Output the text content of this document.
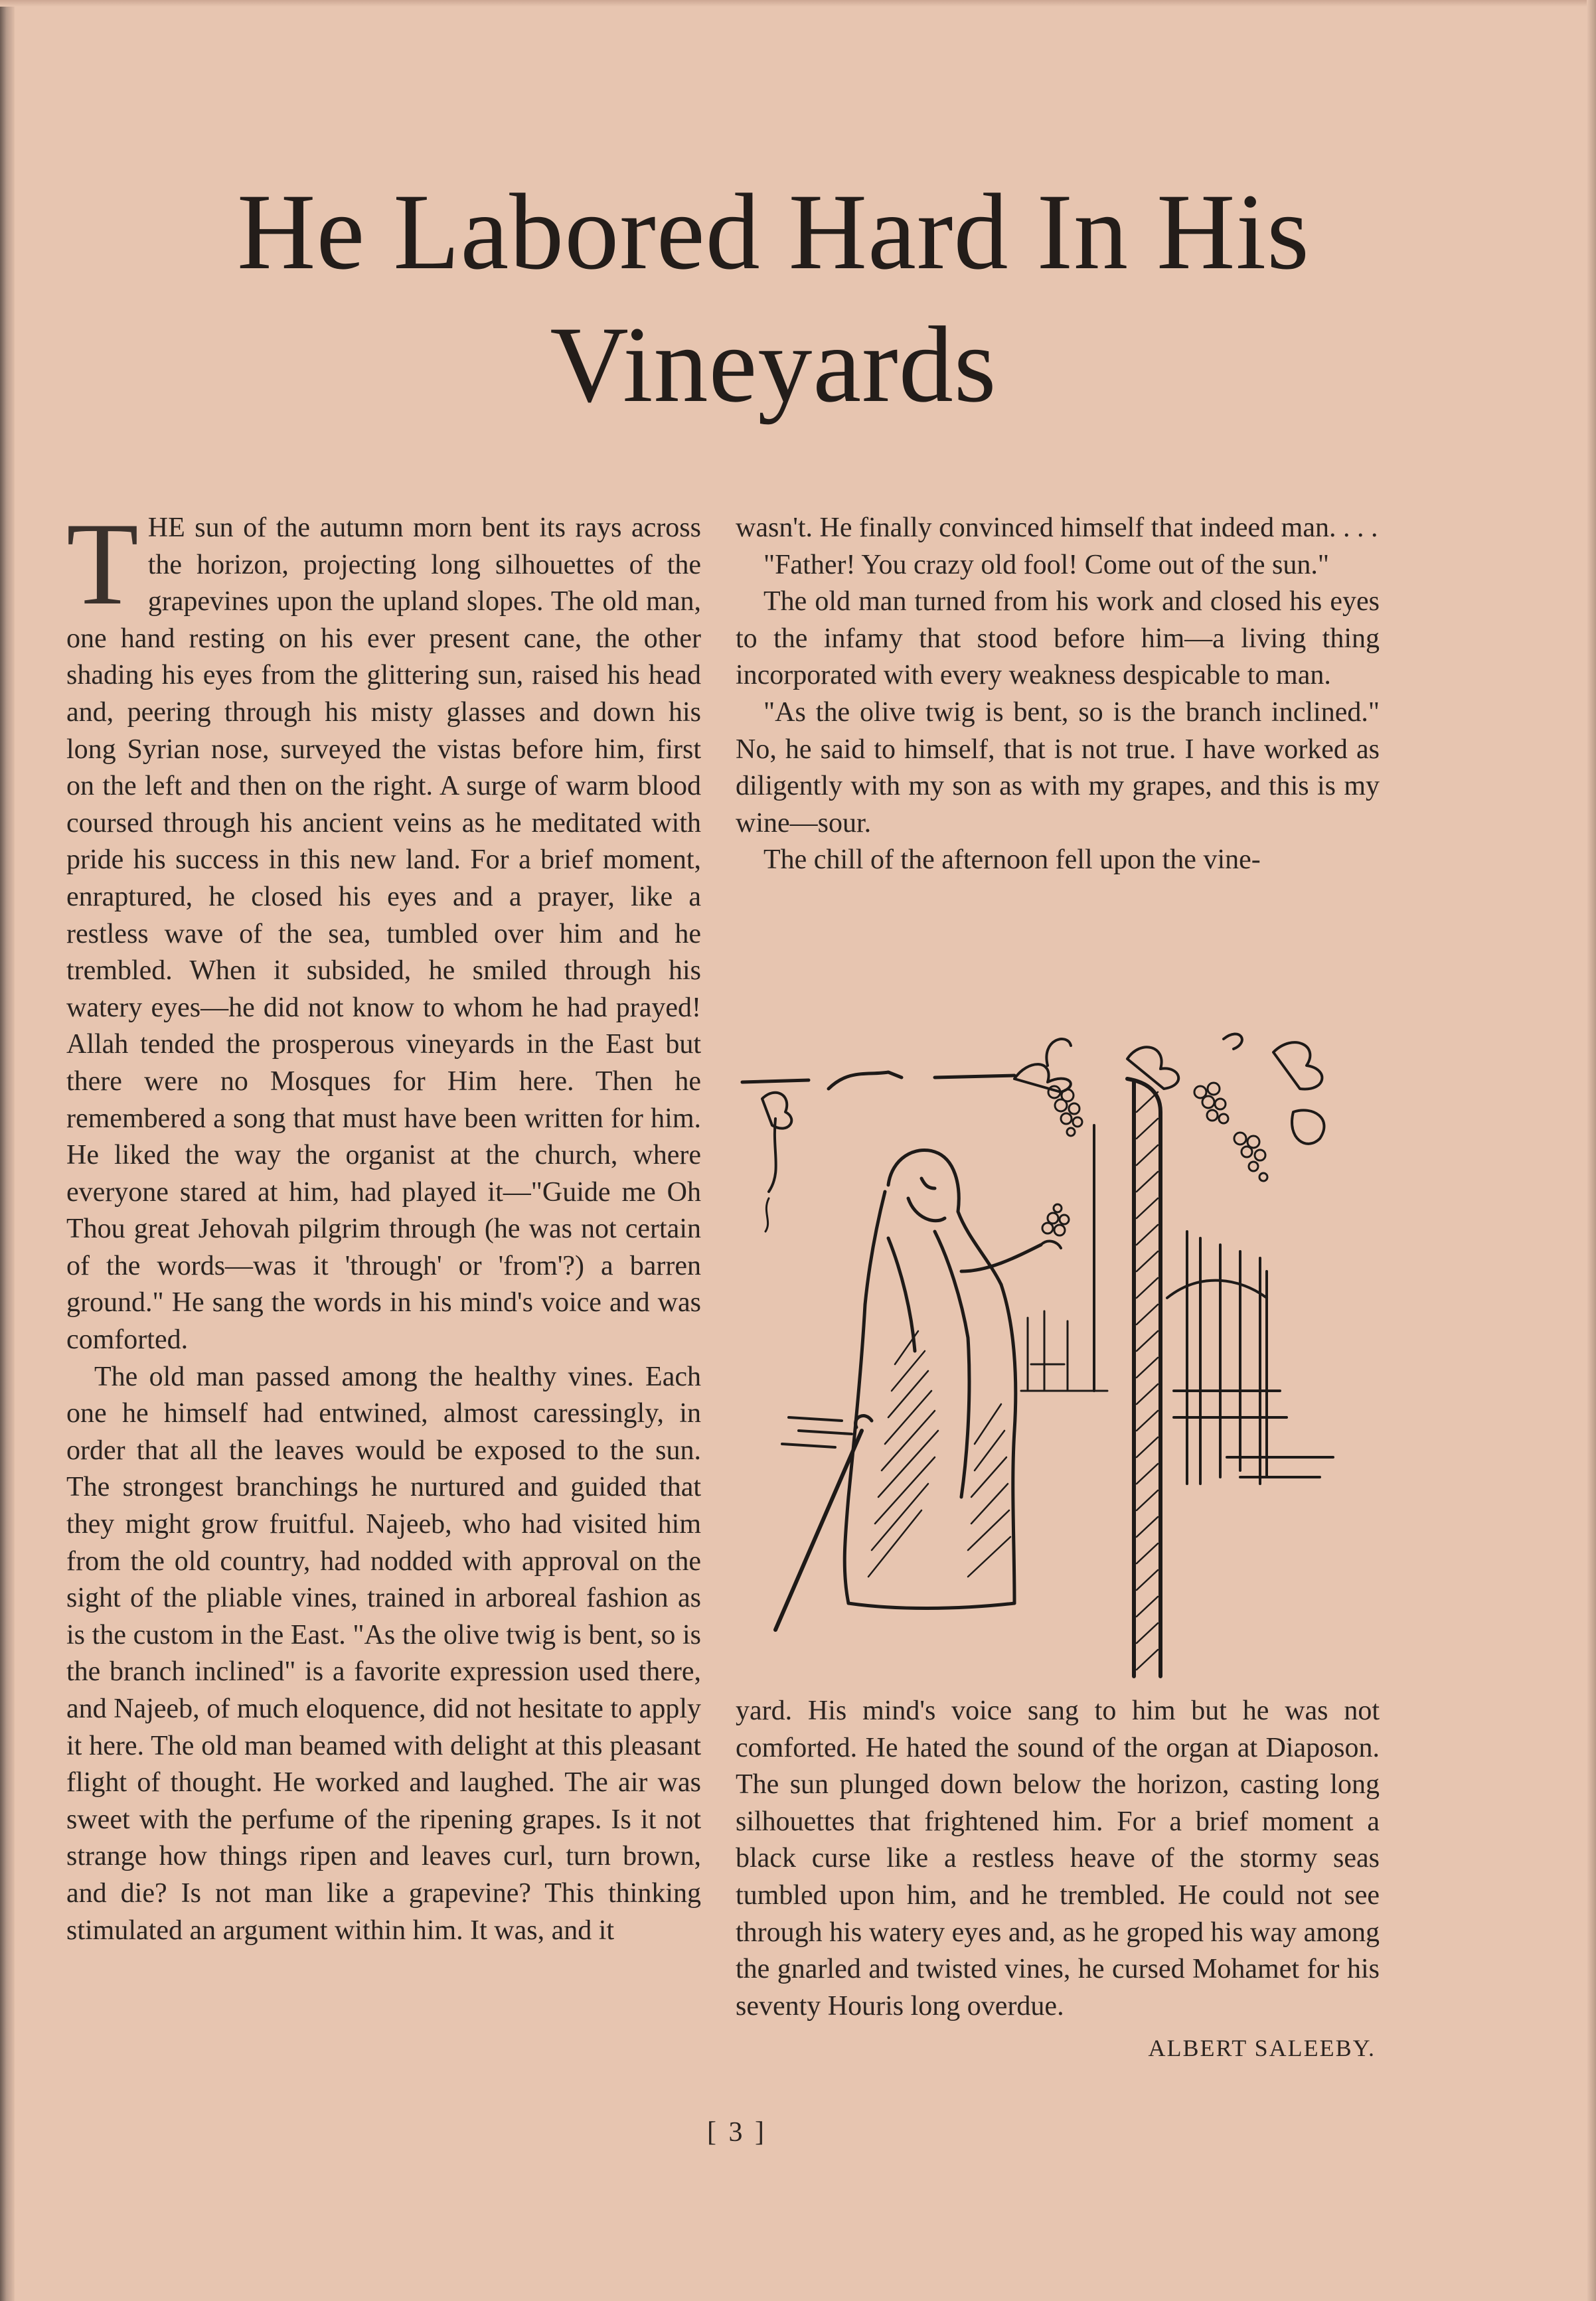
He Labored Hard In His Vineyards

THE sun of the autumn morn bent its rays across the horizon, projecting long silhouettes of the grapevines upon the upland slopes. The old man, one hand resting on his ever present cane, the other shading his eyes from the glittering sun, raised his head and, peering through his misty glasses and down his long Syrian nose, surveyed the vistas before him, first on the left and then on the right. A surge of warm blood coursed through his ancient veins as he meditated with pride his success in this new land. For a brief moment, enraptured, he closed his eyes and a prayer, like a restless wave of the sea, tumbled over him and he trembled. When it subsided, he smiled through his watery eyes—he did not know to whom he had prayed! Allah tended the prosperous vineyards in the East but there were no Mosques for Him here. Then he remembered a song that must have been written for him. He liked the way the organist at the church, where everyone stared at him, had played it—"Guide me Oh Thou great Jehovah pilgrim through (he was not certain of the words—was it 'through' or 'from'?) a barren ground." He sang the words in his mind's voice and was comforted.

The old man passed among the healthy vines. Each one he himself had entwined, almost caressingly, in order that all the leaves would be exposed to the sun. The strongest branchings he nurtured and guided that they might grow fruitful. Najeeb, who had visited him from the old country, had nodded with approval on the sight of the pliable vines, trained in arboreal fashion as is the custom in the East. "As the olive twig is bent, so is the branch inclined" is a favorite expression used there, and Najeeb, of much eloquence, did not hesitate to apply it here. The old man beamed with delight at this pleasant flight of thought. He worked and laughed. The air was sweet with the perfume of the ripening grapes. Is it not strange how things ripen and leaves curl, turn brown, and die? Is not man like a grapevine? This thinking stimulated an argument within him. It was, and it

wasn't. He finally convinced himself that indeed man. . . .

"Father! You crazy old fool! Come out of the sun."

The old man turned from his work and closed his eyes to the infamy that stood before him—a living thing incorporated with every weakness despicable to man.

"As the olive twig is bent, so is the branch inclined." No, he said to himself, that is not true. I have worked as diligently with my son as with my grapes, and this is my wine—sour.

The chill of the afternoon fell upon the vine-

yard. His mind's voice sang to him but he was not comforted. He hated the sound of the organ at Diaposon. The sun plunged down below the horizon, casting long silhouettes that frightened him. For a brief moment a black curse like a restless heave of the stormy seas tumbled upon him, and he trembled. He could not see through his watery eyes and, as he groped his way among the gnarled and twisted vines, he cursed Mohamet for his seventy Houris long overdue.

ALBERT SALEEBY.
[ 3 ]
